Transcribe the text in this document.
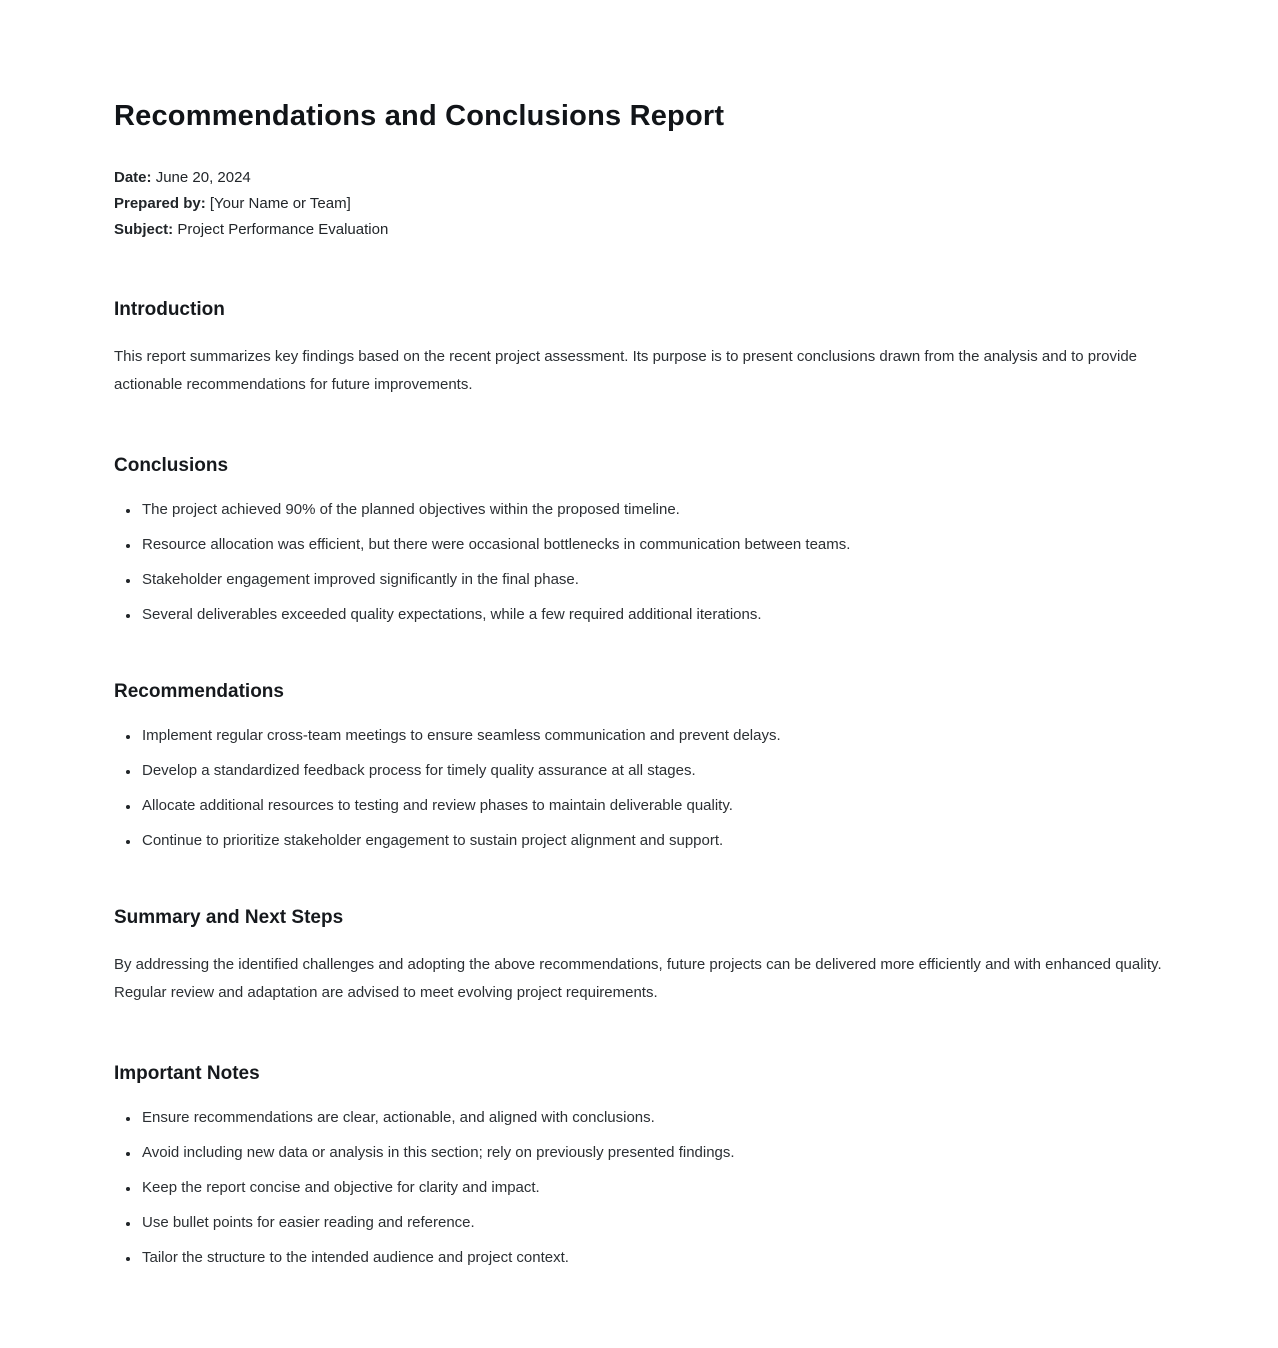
Recommendations and Conclusions Report
Date: June 20, 2024
Prepared by: [Your Name or Team]
Subject: Project Performance Evaluation
Introduction

This report summarizes key findings based on the recent project assessment. Its purpose is to present conclusions drawn from the analysis and to provide actionable recommendations for future improvements.

Conclusions
• The project achieved 90% of the planned objectives within the proposed timeline.
• Resource allocation was efficient, but there were occasional bottlenecks in communication between teams.
• Stakeholder engagement improved significantly in the final phase.
• Several deliverables exceeded quality expectations, while a few required additional iterations.
Recommendations
• Implement regular cross-team meetings to ensure seamless communication and prevent delays.
• Develop a standardized feedback process for timely quality assurance at all stages.
• Allocate additional resources to testing and review phases to maintain deliverable quality.
• Continue to prioritize stakeholder engagement to sustain project alignment and support.
Summary and Next Steps

By addressing the identified challenges and adopting the above recommendations, future projects can be delivered more efficiently and with enhanced quality. Regular review and adaptation are advised to meet evolving project requirements.

Important Notes
• Ensure recommendations are clear, actionable, and aligned with conclusions.
• Avoid including new data or analysis in this section; rely on previously presented findings.
• Keep the report concise and objective for clarity and impact.
• Use bullet points for easier reading and reference.
• Tailor the structure to the intended audience and project context.
